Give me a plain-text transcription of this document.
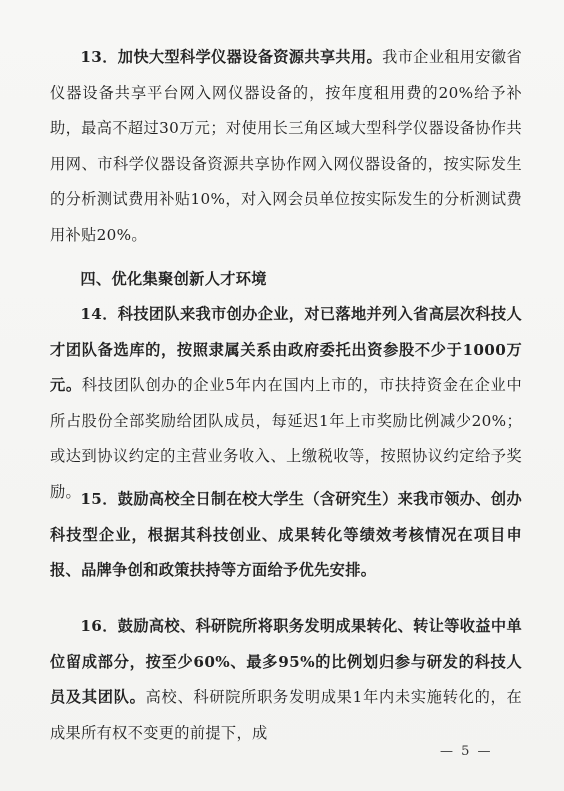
13．加快大型科学仪器设备资源共享共用。我市企业租用安徽省仪器设备共享平台网入网仪器设备的，按年度租用费的20%给予补助，最高不超过30万元；对使用长三角区域大型科学仪器设备协作共用网、市科学仪器设备资源共享协作网入网仪器设备的，按实际发生的分析测试费用补贴10%，对入网会员单位按实际发生的分析测试费用补贴20%。

四、优化集聚创新人才环境

14．科技团队来我市创办企业，对已落地并列入省高层次科技人才团队备选库的，按照隶属关系由政府委托出资参股不少于1000万元。科技团队创办的企业5年内在国内上市的，市扶持资金在企业中所占股份全部奖励给团队成员，每延迟1年上市奖励比例减少20%；或达到协议约定的主营业务收入、上缴税收等，按照协议约定给予奖励。 15．鼓励高校全日制在校大学生（含研究生）来我市领办、创办科技型企业，根据其科技创业、成果转化等绩效考核情况在项目申报、品牌争创和政策扶持等方面给予优先安排。

16．鼓励高校、科研院所将职务发明成果转化、转让等收益中单位留成部分，按至少60%、最多95%的比例划归参与研发的科技人员及其团队。高校、科研院所职务发明成果1年内未实施转化的，在成果所有权不变更的前提下，成

— 5 —
